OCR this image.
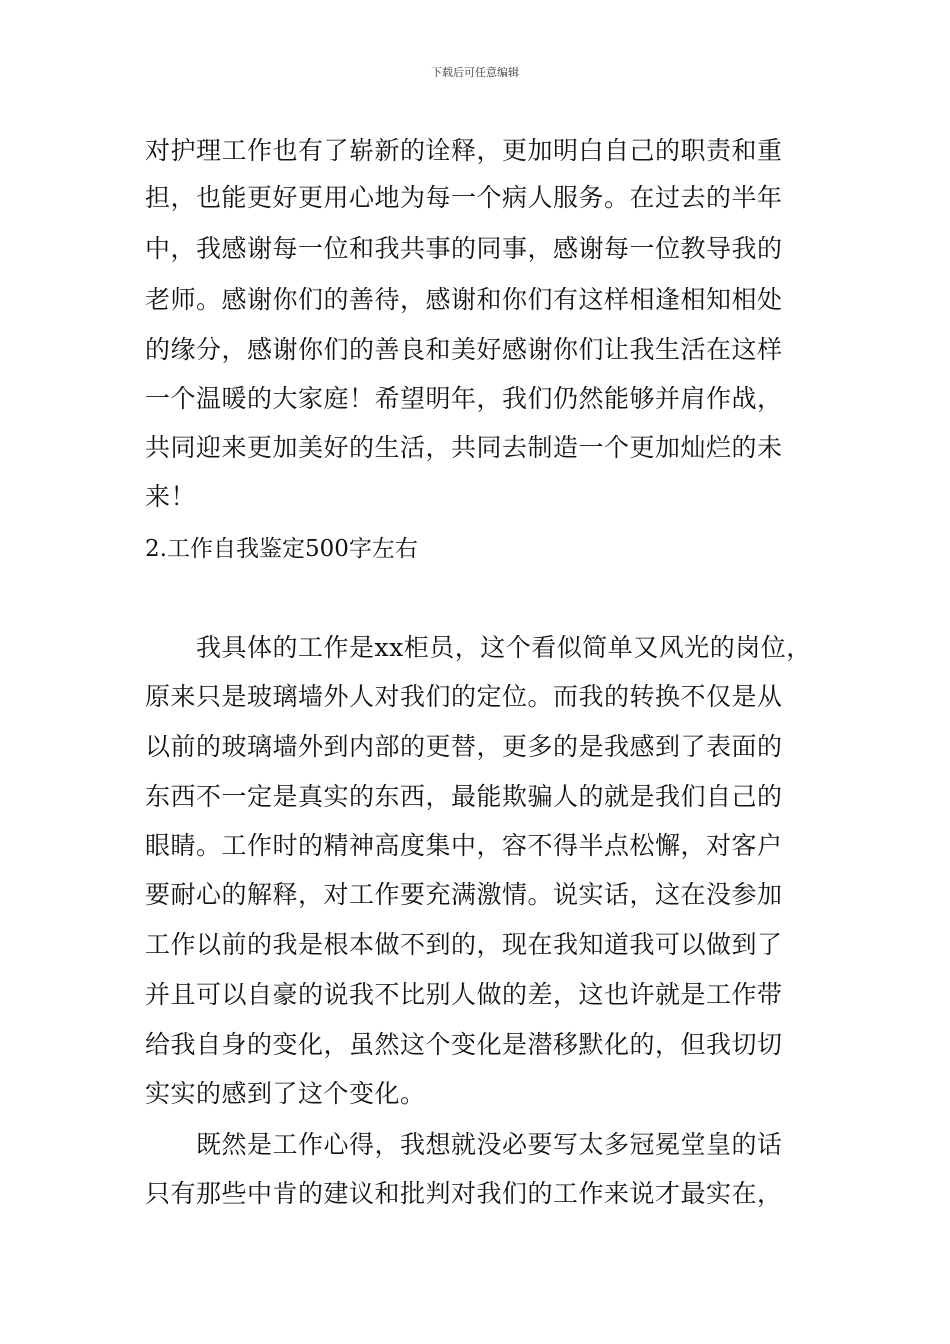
下载后可任意编辑
对护理工作也有了崭新的诠释，更加明白自己的职责和重
担，也能更好更用心地为每一个病人服务。在过去的半年
中，我感谢每一位和我共事的同事，感谢每一位教导我的
老师。感谢你们的善待，感谢和你们有这样相逢相知相处
的缘分，感谢你们的善良和美好感谢你们让我生活在这样
一个温暖的大家庭！希望明年，我们仍然能够并肩作战，
共同迎来更加美好的生活，共同去制造一个更加灿烂的未
来！
2.工作自我鉴定500字左右
　　我具体的工作是xx柜员，这个看似简单又风光的岗位，
原来只是玻璃墙外人对我们的定位。而我的转换不仅是从
以前的玻璃墙外到内部的更替，更多的是我感到了表面的
东西不一定是真实的东西，最能欺骗人的就是我们自己的
眼睛。工作时的精神高度集中，容不得半点松懈，对客户
要耐心的解释，对工作要充满激情。说实话，这在没参加
工作以前的我是根本做不到的，现在我知道我可以做到了
并且可以自豪的说我不比别人做的差，这也许就是工作带
给我自身的变化，虽然这个变化是潜移默化的，但我切切
实实的感到了这个变化。
　　既然是工作心得，我想就没必要写太多冠冕堂皇的话
只有那些中肯的建议和批判对我们的工作来说才最实在，
